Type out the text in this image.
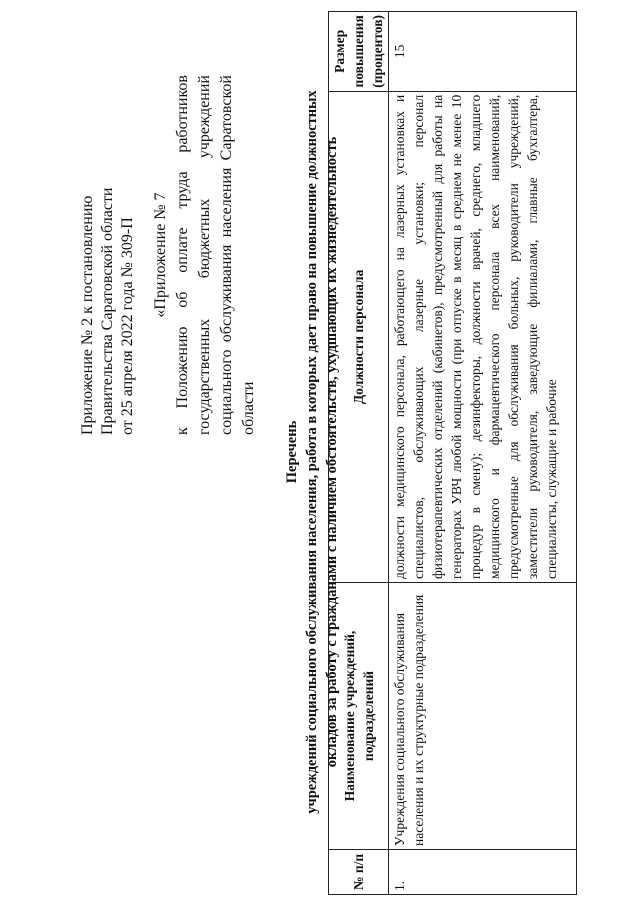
Приложение № 2 к постановлению Правительства Саратовской области от 25 апреля 2022 года № 309-П «Приложение № 7 к Положению об оплате труда работников государственных бюджетных учреждений социального обслуживания населения Саратовской области
Перечень учреждений социального обслуживания населения, работа в которых дает право на повышение должностных окладов за работу с гражданами с наличием обстоятельств, ухудшающих их жизнедеятельность
№ п/п	Наименование учреждений, подразделений	Должности персонала	Размер повышения (процентов)
1.	Учреждения социального обслуживания населения и их структурные подразделения	должности медицинского персонала, работающего на лазерных установках и специалистов, обслуживающих лазерные установки; персонал физиотерапевтических отделений (кабинетов), предусмотренный для работы на генераторах УВЧ любой мощности (при отпуске в месяц в среднем не менее 10 процедур в смену); дезинфекторы, должности врачей, среднего, младшего медицинского и фармацевтического персонала всех наименований, предусмотренные для обслуживания больных, руководители учреждений, заместители руководителя, заведующие филиалами, главные бухгалтера, специалисты, служащие и рабочие	15
